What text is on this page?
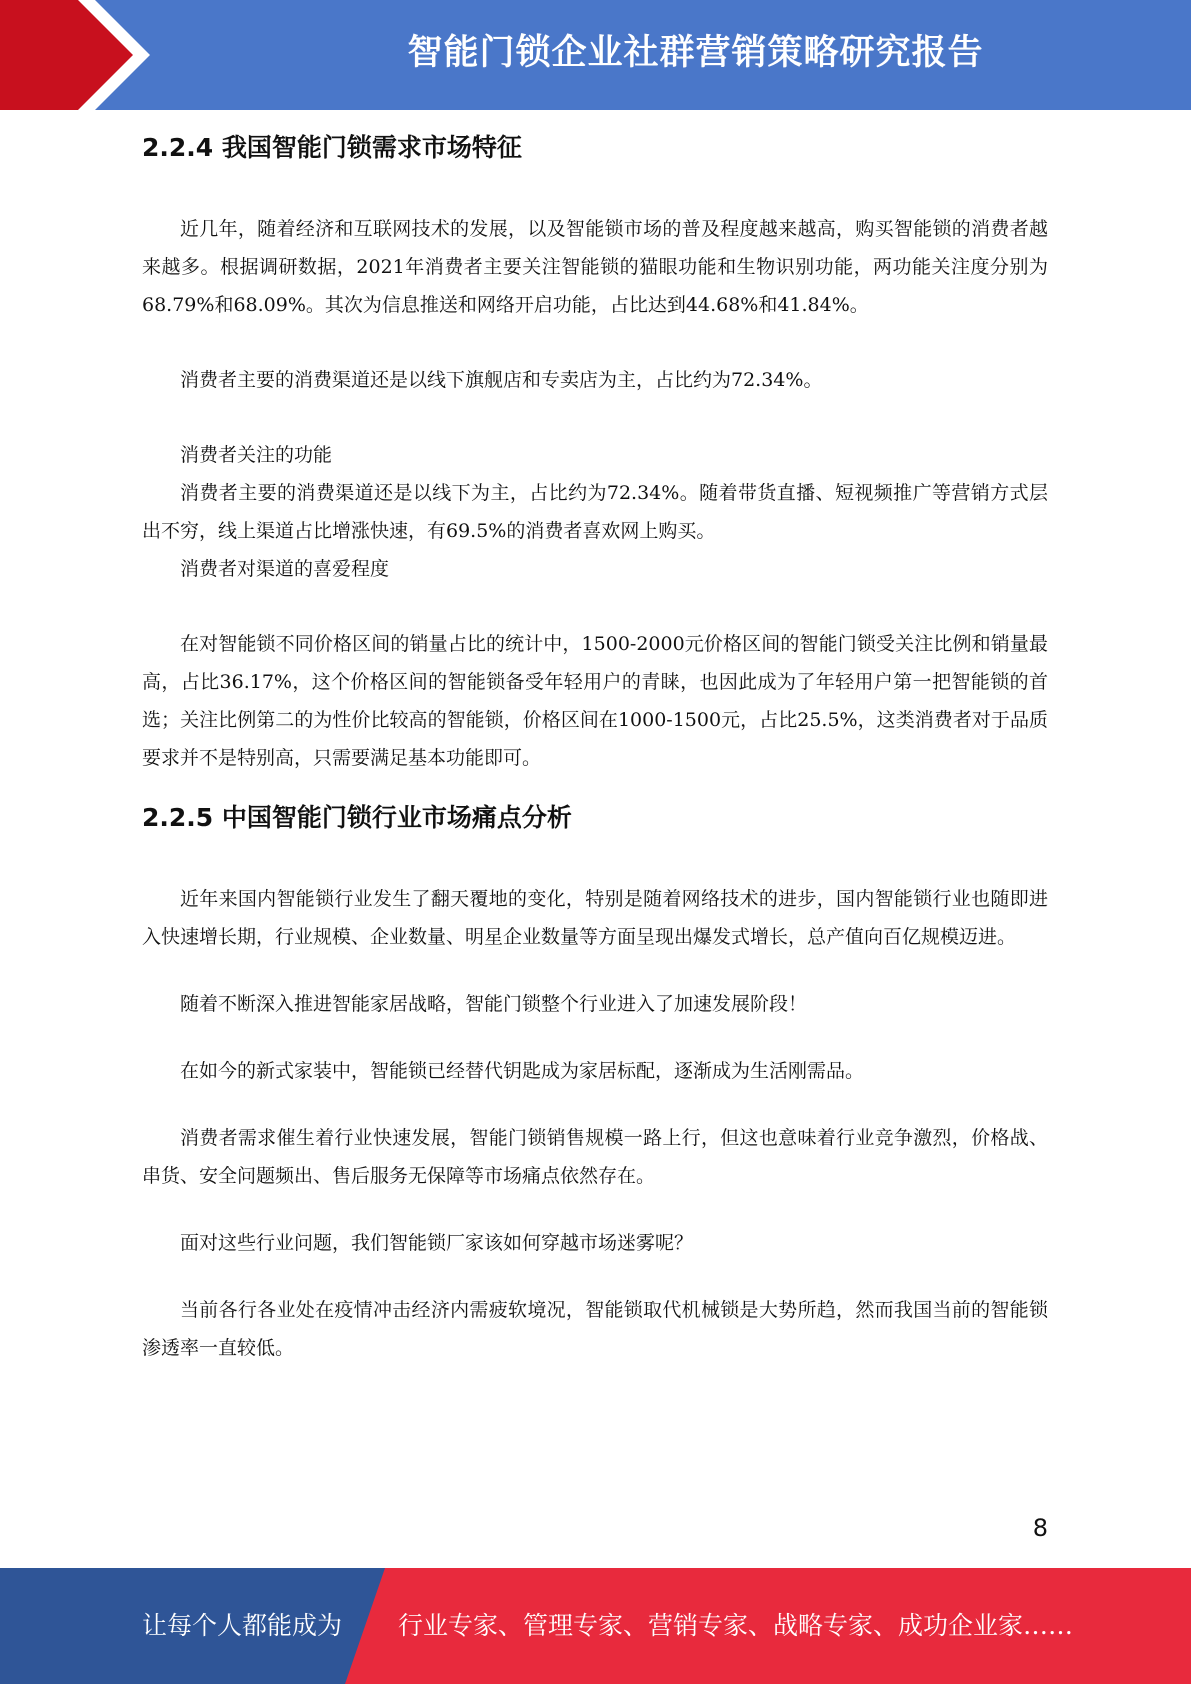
智能门锁企业社群营销策略研究报告
2.2.4 我国智能门锁需求市场特征

近几年，随着经济和互联网技术的发展，以及智能锁市场的普及程度越来越高，购买智能锁的消费者越来越多。根据调研数据，2021年消费者主要关注智能锁的猫眼功能和生物识别功能，两功能关注度分别为68.79%和68.09%。其次为信息推送和网络开启功能，占比达到44.68%和41.84%。

消费者主要的消费渠道还是以线下旗舰店和专卖店为主，占比约为72.34%。

消费者关注的功能

消费者主要的消费渠道还是以线下为主，占比约为72.34%。随着带货直播、短视频推广等营销方式层出不穷，线上渠道占比增涨快速，有69.5%的消费者喜欢网上购买。

消费者对渠道的喜爱程度

在对智能锁不同价格区间的销量占比的统计中，1500-2000元价格区间的智能门锁受关注比例和销量最高，占比36.17%，这个价格区间的智能锁备受年轻用户的青睐，也因此成为了年轻用户第一把智能锁的首选；关注比例第二的为性价比较高的智能锁，价格区间在1000-1500元，占比25.5%，这类消费者对于品质要求并不是特别高，只需要满足基本功能即可。

2.2.5 中国智能门锁行业市场痛点分析

近年来国内智能锁行业发生了翻天覆地的变化，特别是随着网络技术的进步，国内智能锁行业也随即进入快速增长期，行业规模、企业数量、明星企业数量等方面呈现出爆发式增长，总产值向百亿规模迈进。

随着不断深入推进智能家居战略，智能门锁整个行业进入了加速发展阶段！

在如今的新式家装中，智能锁已经替代钥匙成为家居标配，逐渐成为生活刚需品。

消费者需求催生着行业快速发展，智能门锁销售规模一路上行，但这也意味着行业竞争激烈，价格战、串货、安全问题频出、售后服务无保障等市场痛点依然存在。

面对这些行业问题，我们智能锁厂家该如何穿越市场迷雾呢？

当前各行各业处在疫情冲击经济内需疲软境况，智能锁取代机械锁是大势所趋，然而我国当前的智能锁渗透率一直较低。

8
让每个人都能成为 行业专家、管理专家、营销专家、战略专家、成功企业家……
